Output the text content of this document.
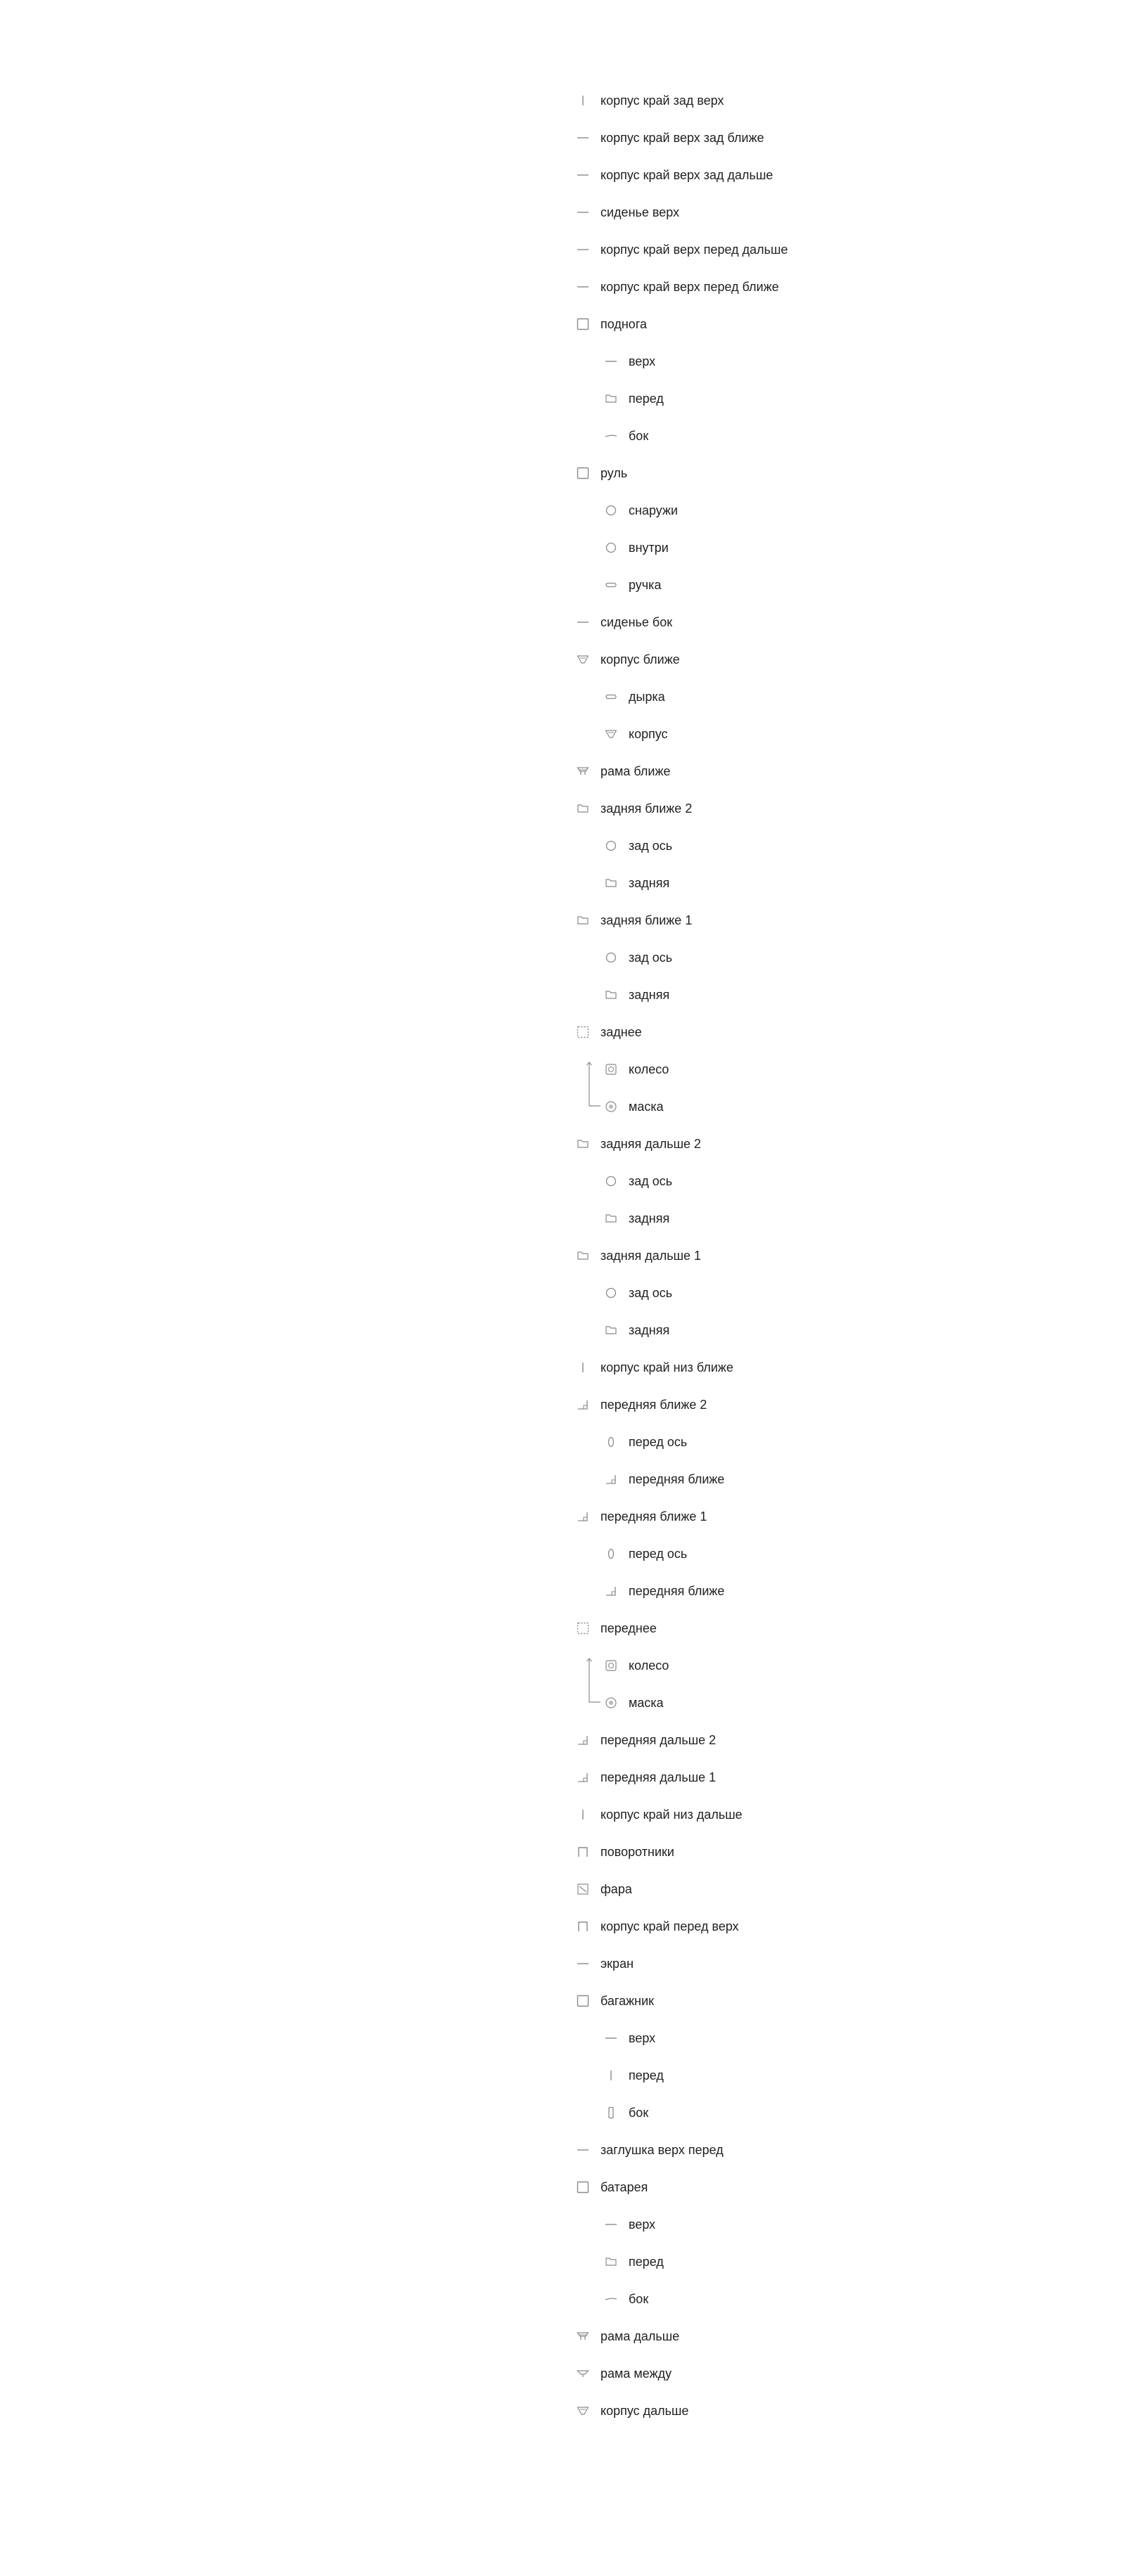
корпус край зад верх
корпус край верх зад ближе
корпус край верх зад дальше
сиденье верх
корпус край верх перед дальше
корпус край верх перед ближе
поднога
верх
перед
бок
руль
снаружи
внутри
ручка
сиденье бок
корпус ближе
дырка
корпус
рама ближе
задняя ближе 2
зад ось
задняя
задняя ближе 1
зад ось
задняя
заднее
колесо
маска
задняя дальше 2
зад ось
задняя
задняя дальше 1
зад ось
задняя
корпус край низ ближе
передняя ближе 2
перед ось
передняя ближе
передняя ближе 1
перед ось
передняя ближе
переднее
колесо
маска
передняя дальше 2
передняя дальше 1
корпус край низ дальше
поворотники
фара
корпус край перед верх
экран
багажник
верх
перед
бок
заглушка верх перед
батарея
верх
перед
бок
рама дальше
рама между
корпус дальше
